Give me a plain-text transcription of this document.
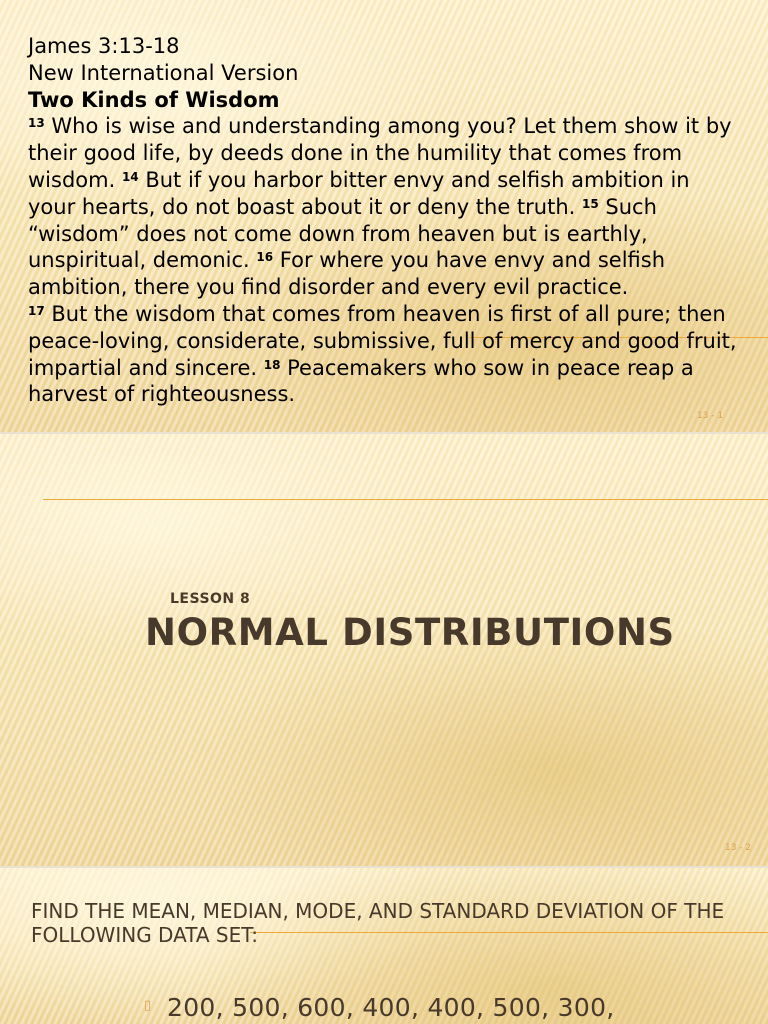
James 3:13-18
New International Version
Two Kinds of Wisdom
$^{13}$ Who is wise and understanding among you? Let them show it by their good life, by deeds done in the humility that comes from wisdom. $^{14}$ But if you harbor bitter envy and selfish ambition in your hearts, do not boast about it or deny the truth. $^{15}$ Such “wisdom” does not come down from heaven but is earthly, unspiritual, demonic. $^{16}$ For where you have envy and selfish ambition, there you find disorder and every evil practice.
$^{17}$ But the wisdom that comes from heaven is first of all pure; then peace-loving, considerate, submissive, full of mercy and good fruit, impartial and sincere. $^{18}$ Peacemakers who sow in peace reap a harvest of righteousness.
13 - 1
LESSON 8
NORMAL DISTRIBUTIONS
13 - 2
FIND THE MEAN, MEDIAN, MODE, AND STANDARD DEVIATION OF THE FOLLOWING DATA SET:
▯ 200, 500, 600, 400, 400, 500, 300,
